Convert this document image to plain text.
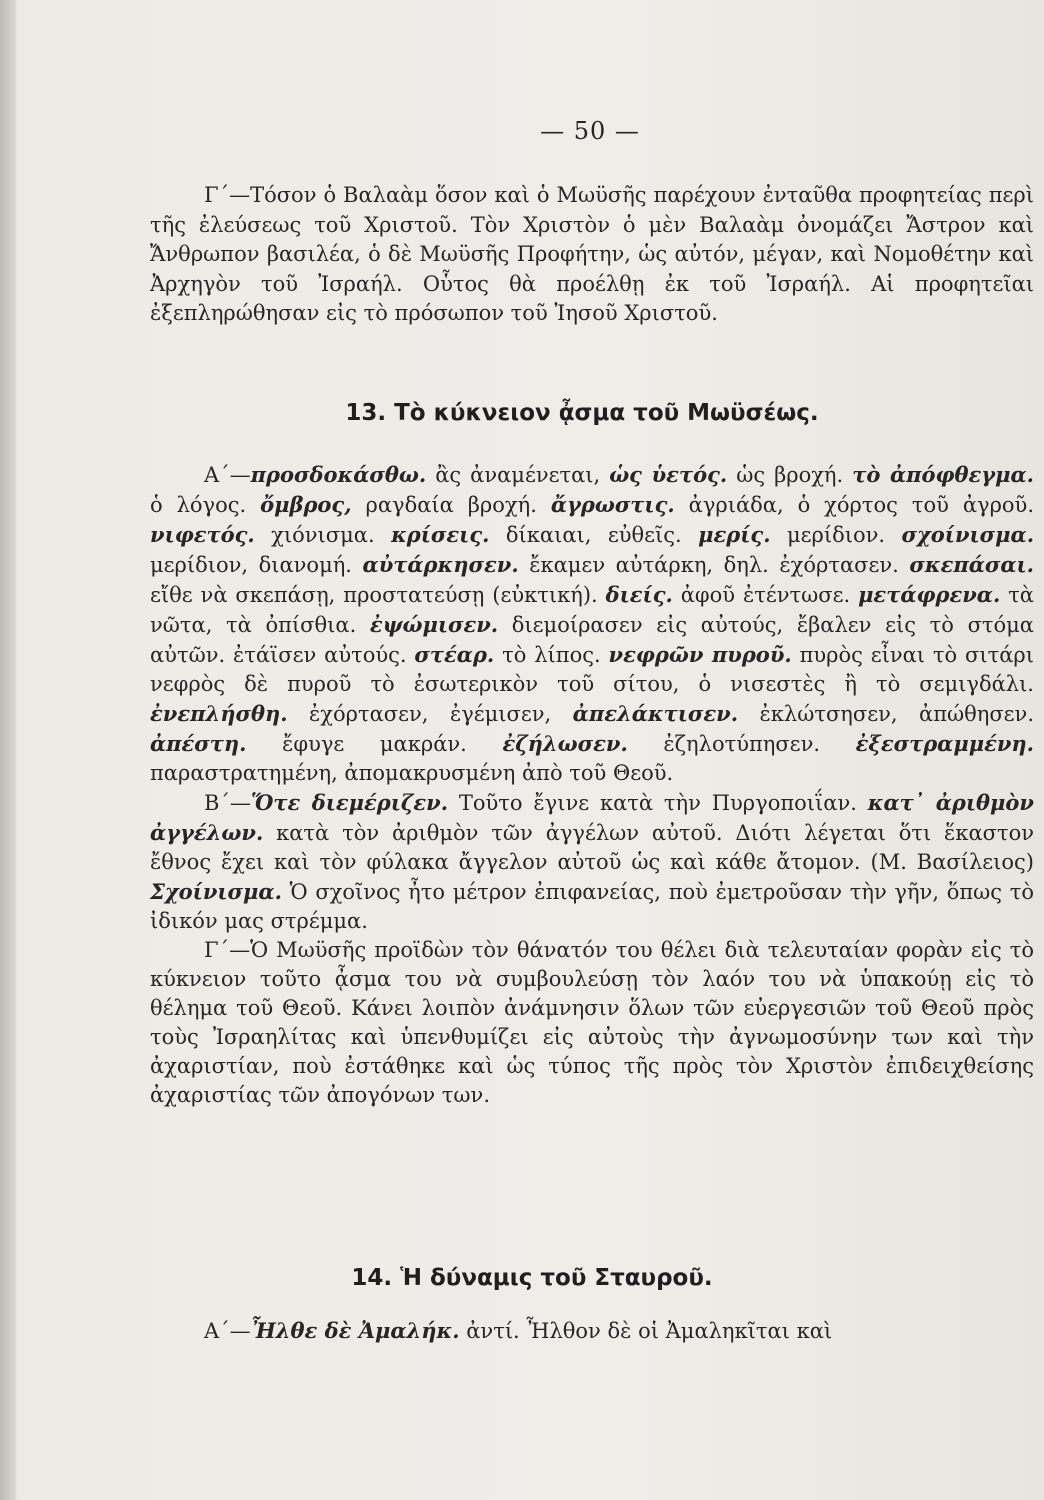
— 50 —

Γ´—Τόσον ὁ Βαλαὰμ ὅσον καὶ ὁ Μωϋσῆς παρέχουν ἐνταῦθα προφητείας περὶ τῆς ἐλεύσεως τοῦ Χριστοῦ. Τὸν Χριστὸν ὁ μὲν Βαλαὰμ ὀνομάζει Ἄστρον καὶ Ἄνθρωπον βασιλέα, ὁ δὲ Μωϋσῆς Προφήτην, ὡς αὐτόν, μέγαν, καὶ Νομοθέτην καὶ Ἀρχηγὸν τοῦ Ἰσραήλ. Οὗτος θὰ προέλθῃ ἐκ τοῦ Ἰσραήλ. Αἱ προφητεῖαι ἐξεπληρώθησαν εἰς τὸ πρόσωπον τοῦ Ἰησοῦ Χριστοῦ.

13. Τὸ κύκνειον ᾆσμα τοῦ Μωϋσέως.

Α´—προσδοκάσθω. ἂς ἀναμένεται, ὡς ὑετός. ὡς βροχή. τὸ ἀπόφθεγμα. ὁ λόγος. ὄμβρος, ραγδαία βροχή. ἄγρωστις. ἀγριάδα, ὁ χόρτος τοῦ ἀγροῦ. νιφετός. χιόνισμα. κρίσεις. δίκαιαι, εὐθεῖς. μερίς. μερίδιον. σχοίνισμα. μερίδιον, διανομή. αὐτάρκησεν. ἔκαμεν αὐτάρκη, δηλ. ἐχόρτασεν. σκεπάσαι. εἴθε νὰ σκεπάσῃ, προστατεύσῃ (εὐκτική). διείς. ἀφοῦ ἐτέντωσε. μετάφρενα. τὰ νῶτα, τὰ ὀπίσθια. ἐψώμισεν. διεμοίρασεν εἰς αὐτούς, ἔβαλεν εἰς τὸ στόμα αὐτῶν. ἐτάϊσεν αὐτούς. στέαρ. τὸ λίπος. νεφρῶν πυροῦ. πυρὸς εἶναι τὸ σιτάρι νεφρὸς δὲ πυροῦ τὸ ἐσωτερικὸν τοῦ σίτου, ὁ νισεστὲς ἢ τὸ σεμιγδάλι. ἐνεπλήσθη. ἐχόρτασεν, ἐγέμισεν, ἀπελάκτισεν. ἐκλώτσησεν, ἀπώθησεν. ἀπέστη. ἔφυγε μακράν. ἐζήλωσεν. ἐζηλοτύπησεν. ἐξεστραμμένη. παραστρατημένη, ἀπομακρυσμένη ἀπὸ τοῦ Θεοῦ.

Β´—Ὅτε διεμέριζεν. Τοῦτο ἔγινε κατὰ τὴν Πυργοποιΐαν. κατ᾽ ἀριθμὸν ἀγγέλων. κατὰ τὸν ἀριθμὸν τῶν ἀγγέλων αὐτοῦ. Διότι λέγεται ὅτι ἕκαστον ἔθνος ἔχει καὶ τὸν φύλακα ἄγγελον αὐτοῦ ὡς καὶ κάθε ἄτομον. (Μ. Βασίλειος) Σχοίνισμα. Ὁ σχοῖνος ἦτο μέτρον ἐπιφανείας, ποὺ ἐμετροῦσαν τὴν γῆν, ὅπως τὸ ἰδικόν μας στρέμμα.

Γ´—Ὁ Μωϋσῆς προϊδὼν τὸν θάνατόν του θέλει διὰ τελευταίαν φορὰν εἰς τὸ κύκνειον τοῦτο ᾆσμα του νὰ συμβουλεύσῃ τὸν λαόν του νὰ ὑπακούῃ εἰς τὸ θέλημα τοῦ Θεοῦ. Κάνει λοιπὸν ἀνάμνησιν ὅλων τῶν εὐεργεσιῶν τοῦ Θεοῦ πρὸς τοὺς Ἰσραηλίτας καὶ ὑπενθυμίζει εἰς αὐτοὺς τὴν ἀγνωμοσύνην των καὶ τὴν ἀχαριστίαν, ποὺ ἐστάθηκε καὶ ὡς τύπος τῆς πρὸς τὸν Χριστὸν ἐπιδειχθείσης ἀχαριστίας τῶν ἀπογόνων των.

14. Ἡ δύναμις τοῦ Σταυροῦ.

Α´—Ἦλθε δὲ Ἀμαλήκ. ἀντί. Ἦλθον δὲ οἱ Ἀμαληκῖται καὶ
